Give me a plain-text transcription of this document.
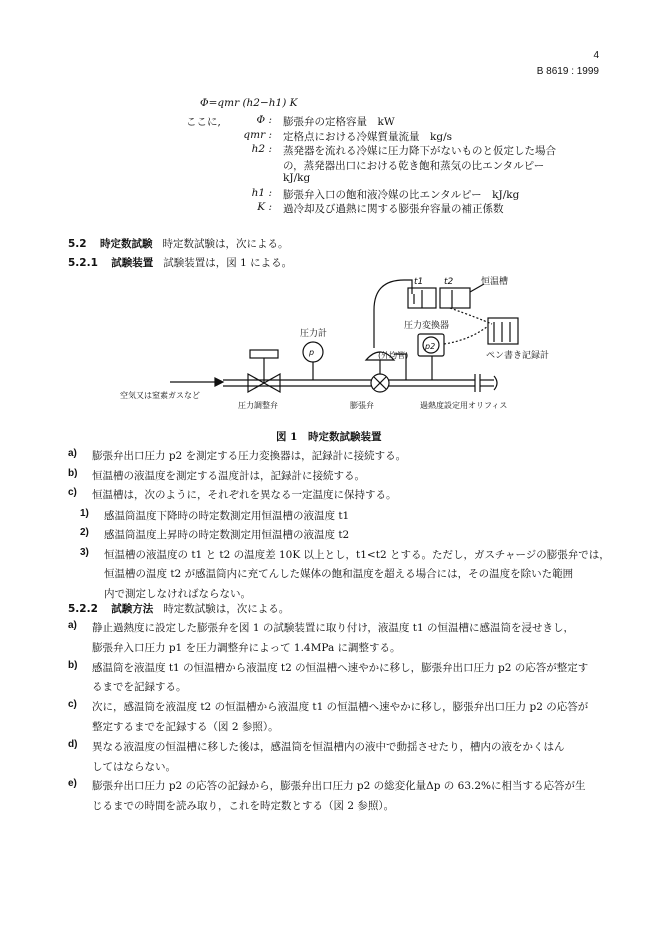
4
B 8619 : 1999
Φ=qmr (h2−h1) K
ここに,	Φ : 膨張弁の定格容量　kW
qmr : 定格点における冷媒質量流量　kg/s
h2 : 蒸発器を流れる冷媒に圧力降下がないものと仮定した場合
の，蒸発器出口における乾き飽和蒸気の比エンタルピー
kJ/kg
h1 : 膨張弁入口の飽和液冷媒の比エンタルピー　kJ/kg
K : 過冷却及び過熱に関する膨張弁容量の補正係数
5.2 時定数試験 時定数試験は，次による。
5.2.1 試験装置 試験装置は，図 1 による。
恒温槽
t1 t2
圧力変換器
p2
ペン書き記録計
圧力計
p	(外均管)
空気又は窒素ガスなど
圧力調整弁	膨張弁	過熱度設定用オリフィス
図 1　時定数試験装置
a) 膨張弁出口圧力 p2 を測定する圧力変換器は，記録計に接続する。
b) 恒温槽の液温度を測定する温度計は，記録計に接続する。
c) 恒温槽は，次のように，それぞれを異なる一定温度に保持する。
1) 感温筒温度下降時の時定数測定用恒温槽の液温度 t1
2) 感温筒温度上昇時の時定数測定用恒温槽の液温度 t2
3) 恒温槽の液温度の t1 と t2 の温度差 10K 以上とし，t1<t2 とする。ただし，ガスチャージの膨張弁では，
恒温槽の温度 t2 が感温筒内に充てんした媒体の飽和温度を超える場合には，その温度を除いた範囲
内で測定しなければならない。
5.2.2 試験方法 時定数試験は，次による。
a) 静止過熱度に設定した膨張弁を図 1 の試験装置に取り付け，液温度 t1 の恒温槽に感温筒を浸せきし，
膨張弁入口圧力 p1 を圧力調整弁によって 1.4MPa に調整する。
b) 感温筒を液温度 t1 の恒温槽から液温度 t2 の恒温槽へ速やかに移し，膨張弁出口圧力 p2 の応答が整定す
るまでを記録する。
c) 次に，感温筒を液温度 t2 の恒温槽から液温度 t1 の恒温槽へ速やかに移し，膨張弁出口圧力 p2 の応答が
整定するまでを記録する（図 2 参照）。
d) 異なる液温度の恒温槽に移した後は，感温筒を恒温槽内の液中で動揺させたり，槽内の液をかくはん
してはならない。
e) 膨張弁出口圧力 p2 の応答の記録から，膨張弁出口圧力 p2 の総変化量Δp の 63.2%に相当する応答が生
じるまでの時間を読み取り，これを時定数とする（図 2 参照）。
